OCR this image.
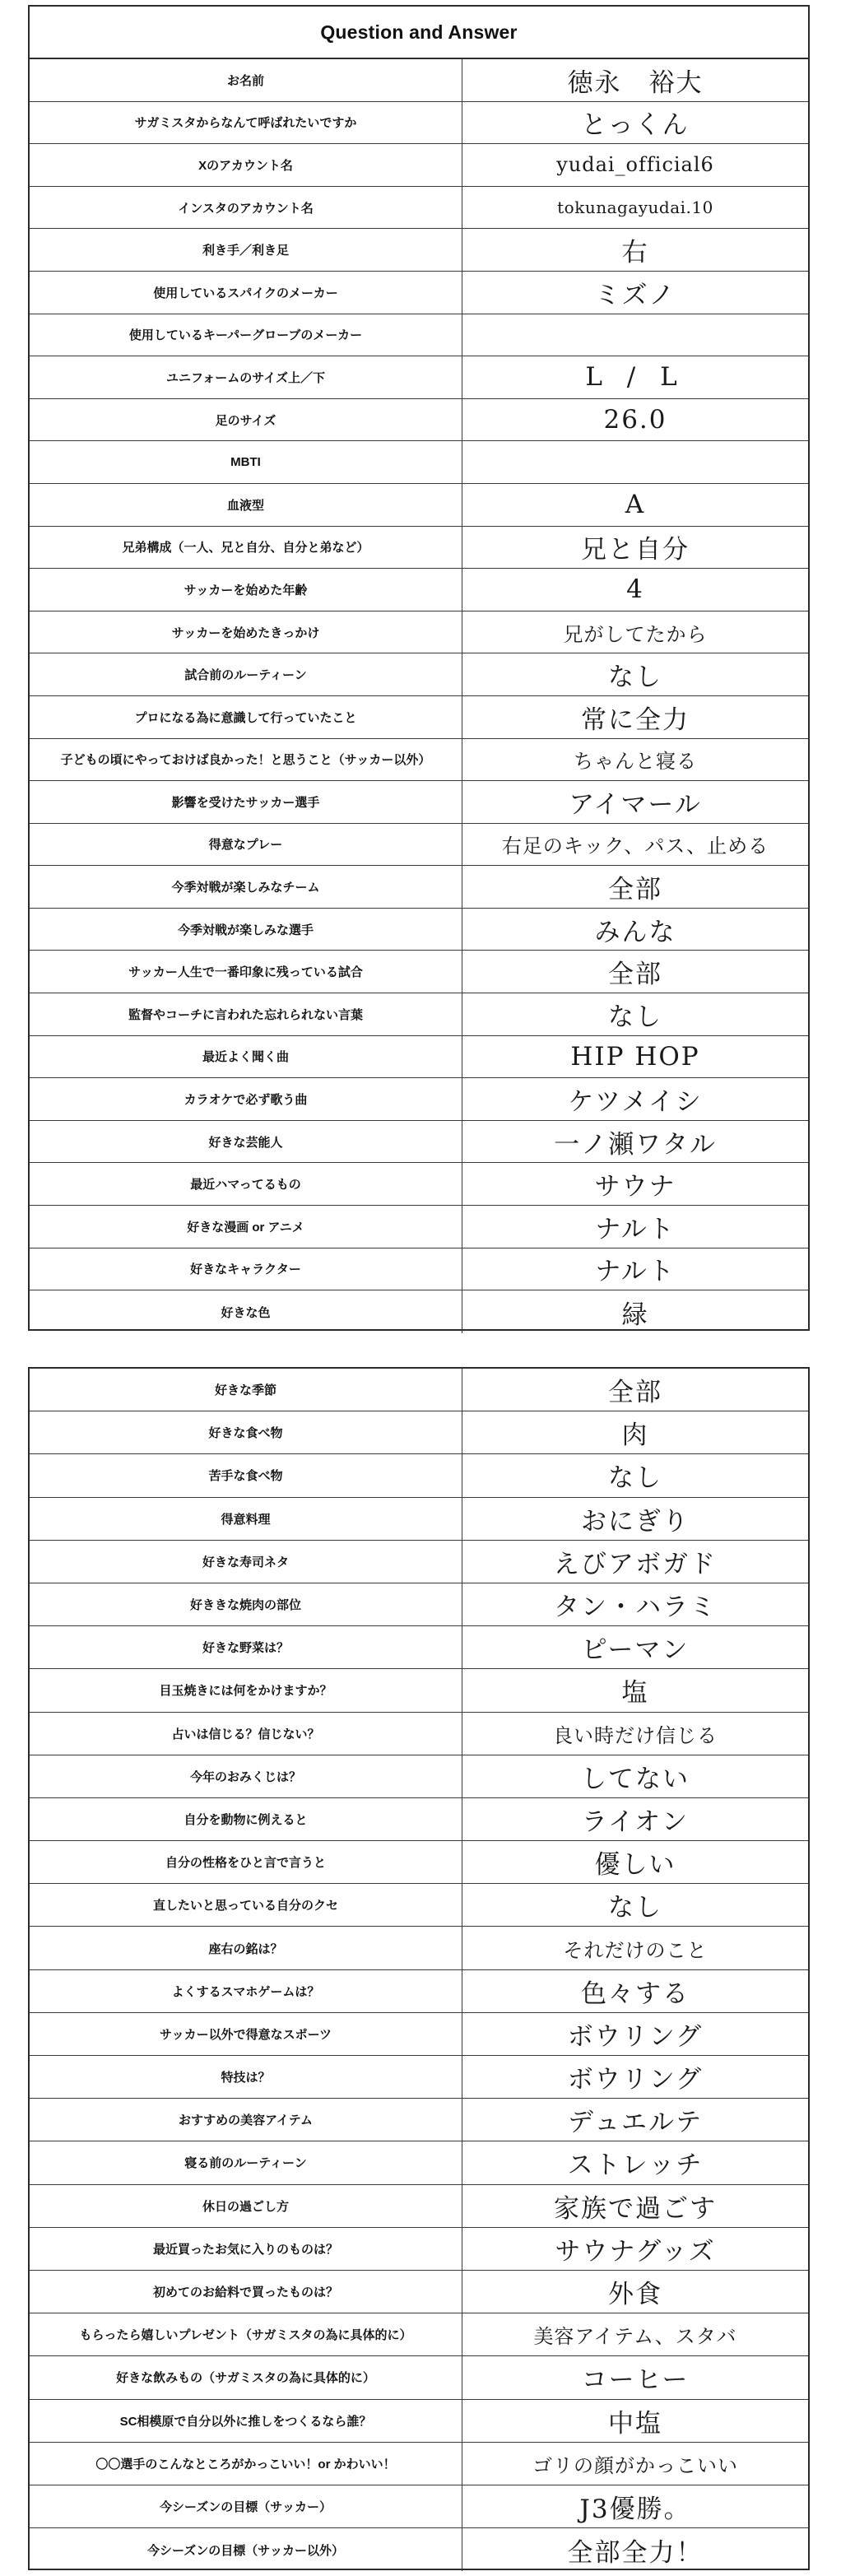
Question and Answer
お名前	徳永　裕大
サガミスタからなんて呼ばれたいですか	とっくん
Xのアカウント名	yudai_official6
インスタのアカウント名	tokunagayudai.10
利き手／利き足	右
使用しているスパイクのメーカー	ミズノ
使用しているキーパーグローブのメーカー
ユニフォームのサイズ上／下	L / L
足のサイズ	26.0
MBTI
血液型	A
兄弟構成（一人、兄と自分、自分と弟など）	兄と自分
サッカーを始めた年齢	4
サッカーを始めたきっかけ	兄がしてたから
試合前のルーティーン	なし
プロになる為に意識して行っていたこと	常に全力
子どもの頃にやっておけば良かった！と思うこと（サッカー以外）	ちゃんと寝る
影響を受けたサッカー選手	アイマール
得意なプレー	右足のキック、パス、止める
今季対戦が楽しみなチーム	全部
今季対戦が楽しみな選手	みんな
サッカー人生で一番印象に残っている試合	全部
監督やコーチに言われた忘れられない言葉	なし
最近よく聞く曲	HIP HOP
カラオケで必ず歌う曲	ケツメイシ
好きな芸能人	一ノ瀬ワタル
最近ハマってるもの	サウナ
好きな漫画 or アニメ	ナルト
好きなキャラクター	ナルト
好きな色	緑
好きな季節	全部
好きな食べ物	肉
苦手な食べ物	なし
得意料理	おにぎり
好きな寿司ネタ	えびアボガド
好ききな焼肉の部位	タン・ハラミ
好きな野菜は？	ピーマン
目玉焼きには何をかけますか？	塩
占いは信じる？信じない？	良い時だけ信じる
今年のおみくじは？	してない
自分を動物に例えると	ライオン
自分の性格をひと言で言うと	優しい
直したいと思っている自分のクセ	なし
座右の銘は？	それだけのこと
よくするスマホゲームは？	色々する
サッカー以外で得意なスポーツ	ボウリング
特技は？	ボウリング
おすすめの美容アイテム	デュエルテ
寝る前のルーティーン	ストレッチ
休日の過ごし方	家族で過ごす
最近買ったお気に入りのものは？	サウナグッズ
初めてのお給料で買ったものは？	外食
もらったら嬉しいプレゼント（サガミスタの為に具体的に）	美容アイテム、スタバ
好きな飲みもの（サガミスタの為に具体的に）	コーヒー
SC相模原で自分以外に推しをつくるなら誰？	中塩
〇〇選手のこんなところがかっこいい！or かわいい！	ゴリの顔がかっこいい
今シーズンの目標（サッカー）	J3優勝。
今シーズンの目標（サッカー以外）	全部全力！
